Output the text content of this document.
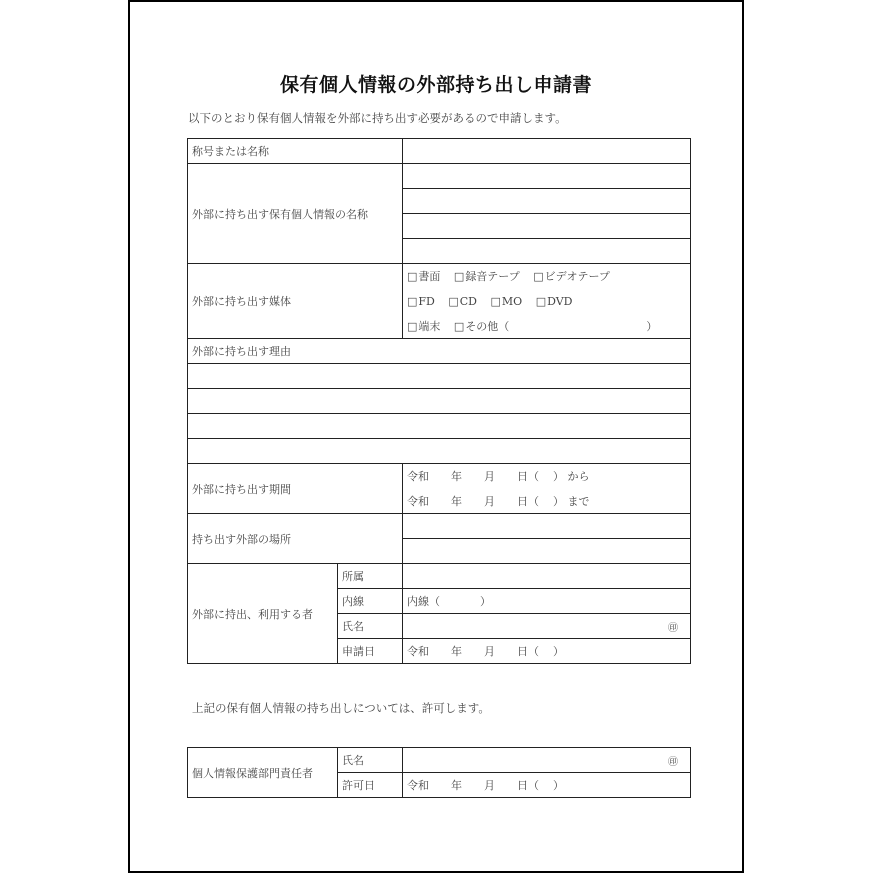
保有個人情報の外部持ち出し申請書
以下のとおり保有個人情報を外部に持ち出す必要があるので申請します。
称号または名称		
外部に持ち出す保有個人情報の名称		

外部に持ち出す媒体		□ 書面 □ 録音テープ □ ビデオテープ
		□ FD □ CD □ MO □ DVD
		□ 端末 □ その他（ ）
外部に持ち出す理由		

外部に持ち出す期間		令和 年 月 日（ ） から
		令和 年 月 日（ ） まで
持ち出す外部の場所		

外部に持出、利用する者	所属	
	内線	内線（ ）
	氏名	㊞

	申請日	令和 年 月 日（ ）
上記の保有個人情報の持ち出しについては、許可します。
個人情報保護部門責任者	氏名	㊞

	許可日	令和 年 月 日（ ）
